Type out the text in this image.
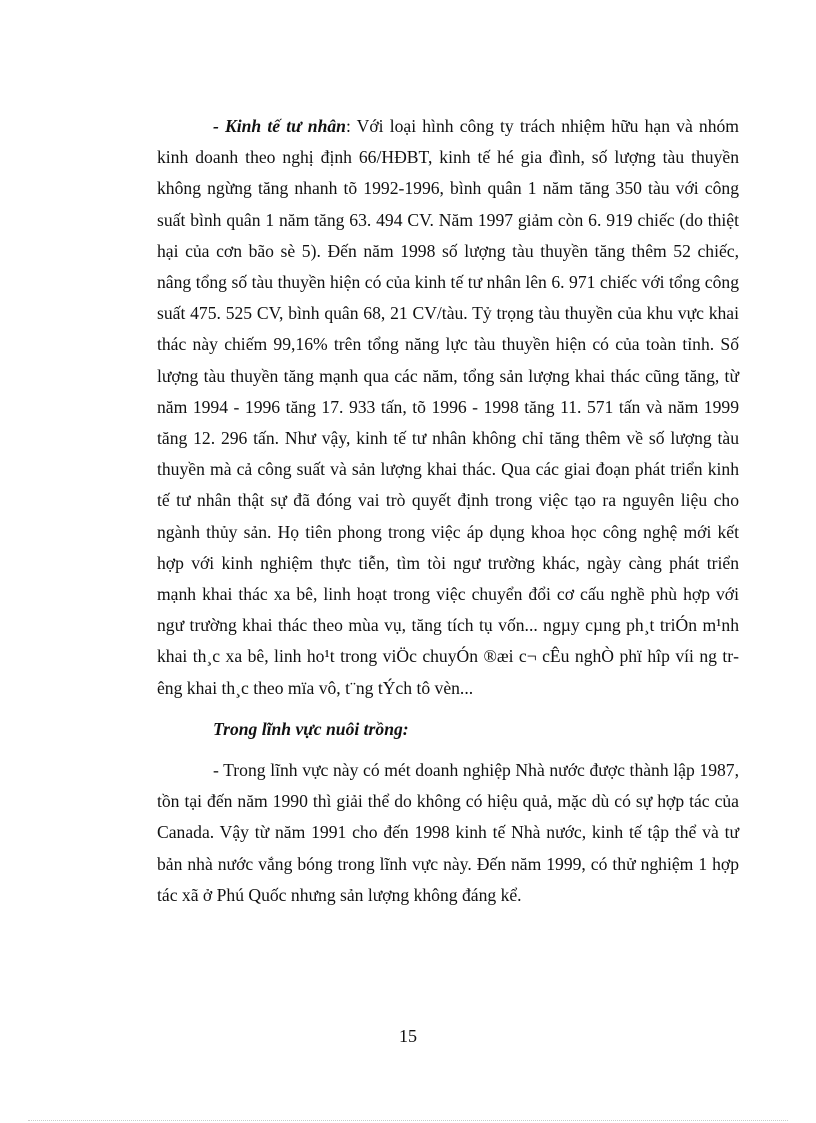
- Kinh tế tư nhân: Với loại hình công ty trách nhiệm hữu hạn và nhóm kinh doanh theo nghị định 66/HĐBT, kinh tế hé gia đình, số lượng tàu thuyền không ngừng tăng nhanh tõ 1992-1996, bình quân 1 năm tăng 350 tàu với công suất bình quân 1 năm tăng 63. 494 CV. Năm 1997 giảm còn 6. 919 chiếc (do thiệt hại của cơn bão sè 5). Đến năm 1998 số lượng tàu thuyền tăng thêm 52 chiếc, nâng tổng số tàu thuyền hiện có của kinh tế tư nhân lên 6. 971 chiếc với tổng công suất 475. 525 CV, bình quân 68, 21 CV/tàu. Tỷ trọng tàu thuyền của khu vực khai thác này chiếm 99,16% trên tổng năng lực tàu thuyền hiện có của toàn tỉnh. Số lượng tàu thuyền tăng mạnh qua các năm, tổng sản lượng khai thác cũng tăng, từ năm 1994 - 1996 tăng 17. 933 tấn, tõ 1996 - 1998 tăng 11. 571 tấn và năm 1999 tăng 12. 296 tấn. Như vậy, kinh tế tư nhân không chỉ tăng thêm về số lượng tàu thuyền mà cả công suất và sản lượng khai thác. Qua các giai đoạn phát triển kinh tế tư nhân thật sự đã đóng vai trò quyết định trong việc tạo ra nguyên liệu cho ngành thủy sản. Họ tiên phong trong việc áp dụng khoa học công nghệ mới kết hợp với kinh nghiệm thực tiễn, tìm tòi ngư trường khác, ngày càng phát triển mạnh khai thác xa bê, linh hoạt trong việc chuyển đổi cơ cấu nghề phù hợp với ngư trường khai thác theo mùa vụ, tăng tích tụ vốn... ngµy cµng ph¸t triÓn m¹nh khai th¸c xa bê, linh ho¹t trong viÖc chuyÓn ®æi c¬ cÊu nghÒ phï hîp víi ng trêng khai th¸c theo mïa vô, t¨ng tÝch tô vèn...

Trong lĩnh vực nuôi trồng:

- Trong lĩnh vực này có mét doanh nghiệp Nhà nước được thành lập 1987, tồn tại đến năm 1990 thì giải thể do không có hiệu quả, mặc dù có sự hợp tác của Canada. Vậy từ năm 1991 cho đến 1998 kinh tế Nhà nước, kinh tế tập thể và tư bản nhà nước vắng bóng trong lĩnh vực này. Đến năm 1999, có thử nghiệm 1 hợp tác xã ở Phú Quốc nhưng sản lượng không đáng kể.

15
